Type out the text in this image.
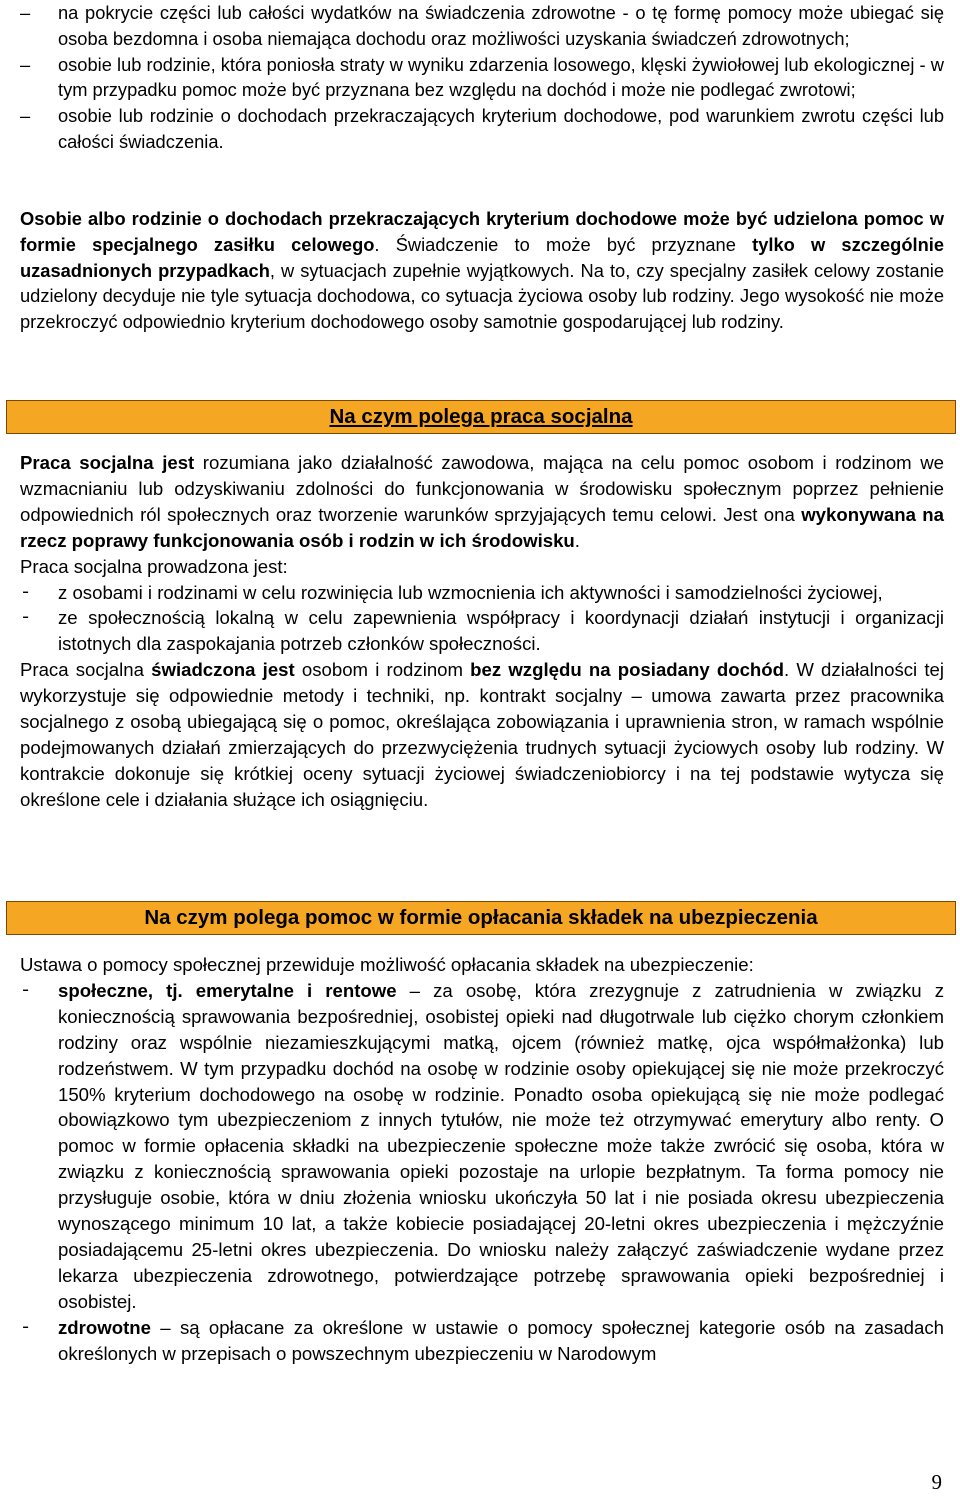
–	na pokrycie części lub całości wydatków na świadczenia zdrowotne - o tę formę pomocy może ubiegać się osoba bezdomna i osoba niemająca dochodu oraz możliwości uzyskania świadczeń zdrowotnych;
–	osobie lub rodzinie, która poniosła straty w wyniku zdarzenia losowego, klęski żywiołowej lub ekologicznej - w tym przypadku pomoc może być przyznana bez względu na dochód i może nie podlegać zwrotowi;
–	osobie lub rodzinie o dochodach przekraczających kryterium dochodowe, pod warunkiem zwrotu części lub całości świadczenia.
Osobie albo rodzinie o dochodach przekraczających kryterium dochodowe może być udzielona pomoc w formie specjalnego zasiłku celowego. Świadczenie to może być przyznane tylko w szczególnie uzasadnionych przypadkach, w sytuacjach zupełnie wyjątkowych. Na to, czy specjalny zasiłek celowy zostanie udzielony decyduje nie tyle sytuacja dochodowa, co sytuacja życiowa osoby lub rodziny. Jego wysokość nie może przekroczyć odpowiednio kryterium dochodowego osoby samotnie gospodarującej lub rodziny.
Na czym polega praca socjalna
Praca socjalna jest rozumiana jako działalność zawodowa, mająca na celu pomoc osobom i rodzinom we wzmacnianiu lub odzyskiwaniu zdolności do funkcjonowania w środowisku społecznym poprzez pełnienie odpowiednich ról społecznych oraz tworzenie warunków sprzyjających temu celowi. Jest ona wykonywana na rzecz poprawy funkcjonowania osób i rodzin w ich środowisku.
Praca socjalna prowadzona jest:
- z osobami i rodzinami w celu rozwinięcia lub wzmocnienia ich aktywności i samodzielności życiowej,
- ze społecznością lokalną w celu zapewnienia współpracy i koordynacji działań instytucji i organizacji istotnych dla zaspokajania potrzeb członków społeczności.
Praca socjalna świadczona jest osobom i rodzinom bez względu na posiadany dochód. W działalności tej wykorzystuje się odpowiednie metody i techniki, np. kontrakt socjalny – umowa zawarta przez pracownika socjalnego z osobą ubiegającą się o pomoc, określająca zobowiązania i uprawnienia stron, w ramach wspólnie podejmowanych działań zmierzających do przezwyciężenia trudnych sytuacji życiowych osoby lub rodziny. W kontrakcie dokonuje się krótkiej oceny sytuacji życiowej świadczeniobiorcy i na tej podstawie wytycza się określone cele i działania służące ich osiągnięciu.
Na czym polega pomoc w formie opłacania składek na ubezpieczenia
Ustawa o pomocy społecznej przewiduje możliwość opłacania składek na ubezpieczenie:
- społeczne, tj. emerytalne i rentowe – za osobę, która zrezygnuje z zatrudnienia w związku z koniecznością sprawowania bezpośredniej, osobistej opieki nad długotrwale lub ciężko chorym członkiem rodziny oraz wspólnie niezamieszkującymi matką, ojcem (również matkę, ojca współmałżonka) lub rodzeństwem. W tym przypadku dochód na osobę w rodzinie osoby opiekującej się nie może przekroczyć 150% kryterium dochodowego na osobę w rodzinie. Ponadto osoba opiekującą się nie może podlegać obowiązkowo tym ubezpieczeniom z innych tytułów, nie może też otrzymywać emerytury albo renty. O pomoc w formie opłacenia składki na ubezpieczenie społeczne może także zwrócić się osoba, która w związku z koniecznością sprawowania opieki pozostaje na urlopie bezpłatnym. Ta forma pomocy nie przysługuje osobie, która w dniu złożenia wniosku ukończyła 50 lat i nie posiada okresu ubezpieczenia wynoszącego minimum 10 lat, a także kobiecie posiadającej 20-letni okres ubezpieczenia i mężczyźnie posiadającemu 25-letni okres ubezpieczenia. Do wniosku należy załączyć zaświadczenie wydane przez lekarza ubezpieczenia zdrowotnego, potwierdzające potrzebę sprawowania opieki bezpośredniej i osobistej.
- zdrowotne – są opłacane za określone w ustawie o pomocy społecznej kategorie osób na zasadach określonych w przepisach o powszechnym ubezpieczeniu w Narodowym
9
